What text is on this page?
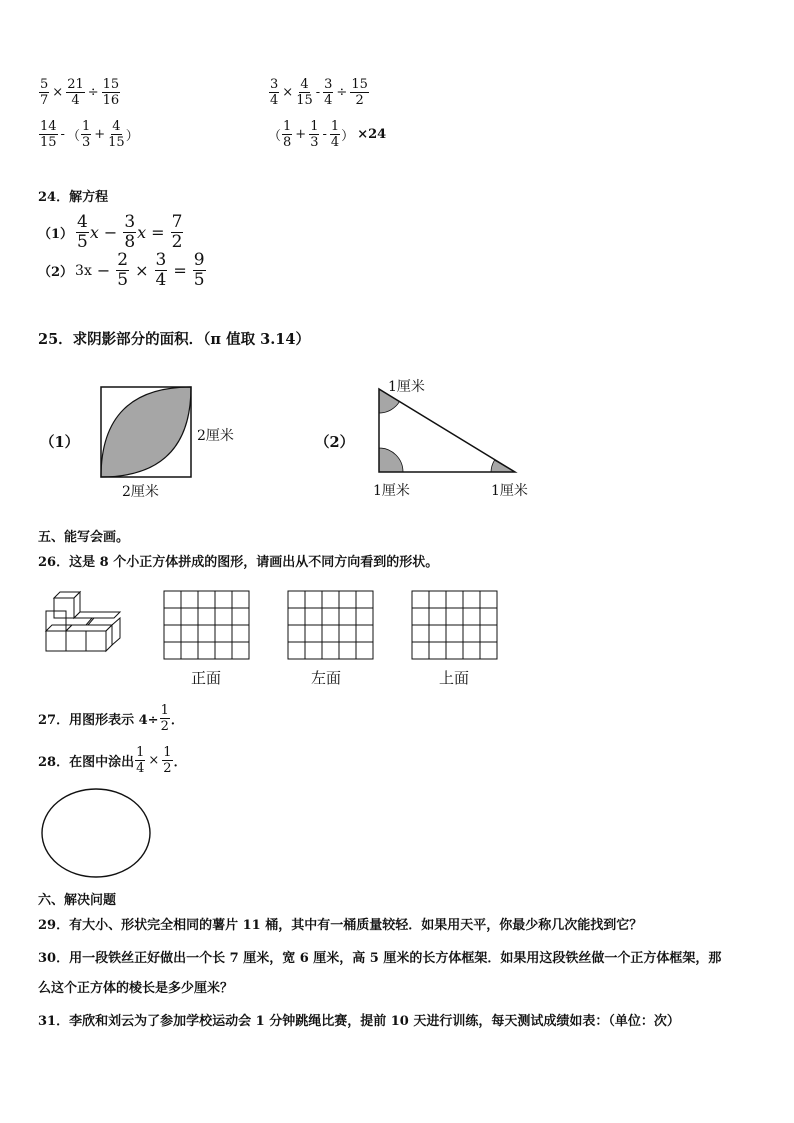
$\frac{5}{7} \times \frac{21}{4} \div \frac{15}{16}$	$\frac{3}{4} \times \frac{4}{15} - \frac{3}{4} \div \frac{15}{2}$
$\frac{14}{15}$ - （ $\frac{1}{3} + \frac{4}{15}$ ）	（ $\frac{1}{8} + \frac{1}{3} - \frac{1}{4}$ ） ×24
24．解方程
$(1) \frac{4}{5}$ $x - \frac{3}{8}$ $x = \frac{7}{2}$
（2） $3x - \frac{2}{5} \times \frac{3}{4} = \frac{9}{5}$
25．求阴影部分的面积．（π 值取 3.14）
（1）	2厘米
2厘米
（2）
1厘米
1厘米	1厘米
五、能写会画。
26．这是 8 个小正方体拼成的图形，请画出从不同方向看到的形状。
正面	左面	上面
27．用图形表示 $4\div \frac{1}{2}$ ．
28．在图中涂出 $\frac{1}{4} \times \frac{1}{2}$ ．
六、解决问题
29．有大小、形状完全相同的薯片 11 桶，其中有一桶质量较轻．如果用天平，你最少称几次能找到它？
30．用一段铁丝正好做出一个长 7 厘米，宽 6 厘米，高 5 厘米的长方体框架．如果用这段铁丝做一个正方体框架，那
么这个正方体的棱长是多少厘米？
31．李欣和刘云为了参加学校运动会 1 分钟跳绳比赛，提前 10 天进行训练，每天测试成绩如表：（单位：次）
